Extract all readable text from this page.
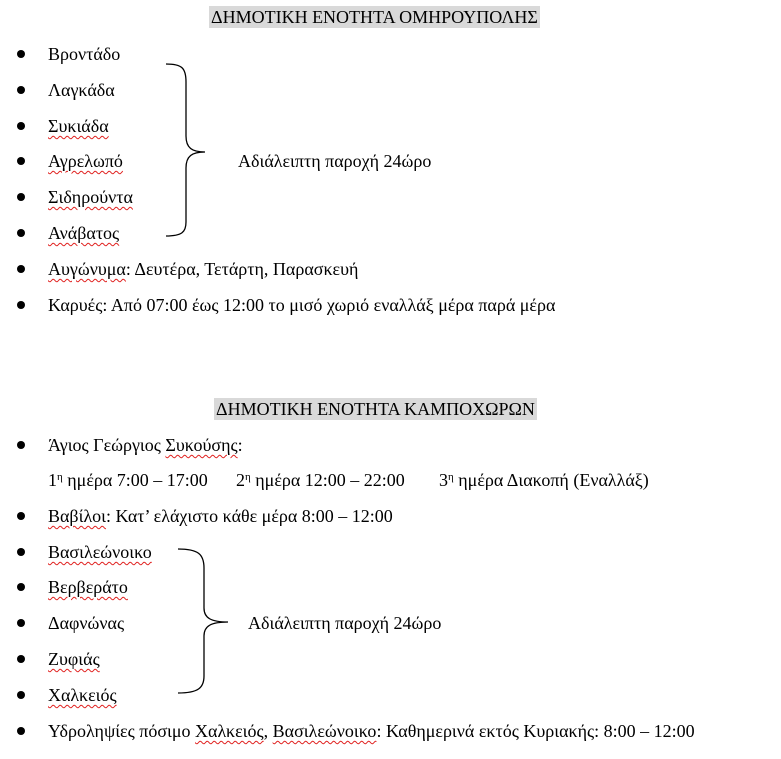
ΔΗΜΟΤΙΚΗ ΕΝΟΤΗΤΑ ΟΜΗΡΟΥΠΟΛΗΣ
Βροντάδο
Λαγκάδα
Συκιάδα
Αγρελωπό
Σιδηρούντα
Ανάβατος
Αυγώνυμα: Δευτέρα, Τετάρτη, Παρασκευή
Καρυές: Από 07:00 έως 12:00 το μισό χωριό εναλλάξ μέρα παρά μέρα
Αδιάλειπτη παροχή 24ώρο
ΔΗΜΟΤΙΚΗ ΕΝΟΤΗΤΑ ΚΑΜΠΟΧΩΡΩΝ
Άγιος Γεώργιος Συκούσης:
$1^\eta$ ημέρα 7:00 – 17:00 $2^\eta$ ημέρα 12:00 – 22:00 $3^\eta$ ημέρα Διακοπή (Εναλλάξ)
Βαβίλοι: Κατ’ ελάχιστο κάθε μέρα 8:00 – 12:00
Βασιλεώνοικο
Βερβεράτο
Δαφνώνας
Ζυφιάς
Χαλκειός
Υδροληψίες πόσιμο Χαλκειός, Βασιλεώνοικο: Καθημερινά εκτός Κυριακής: 8:00 – 12:00
Αδιάλειπτη παροχή 24ώρο
